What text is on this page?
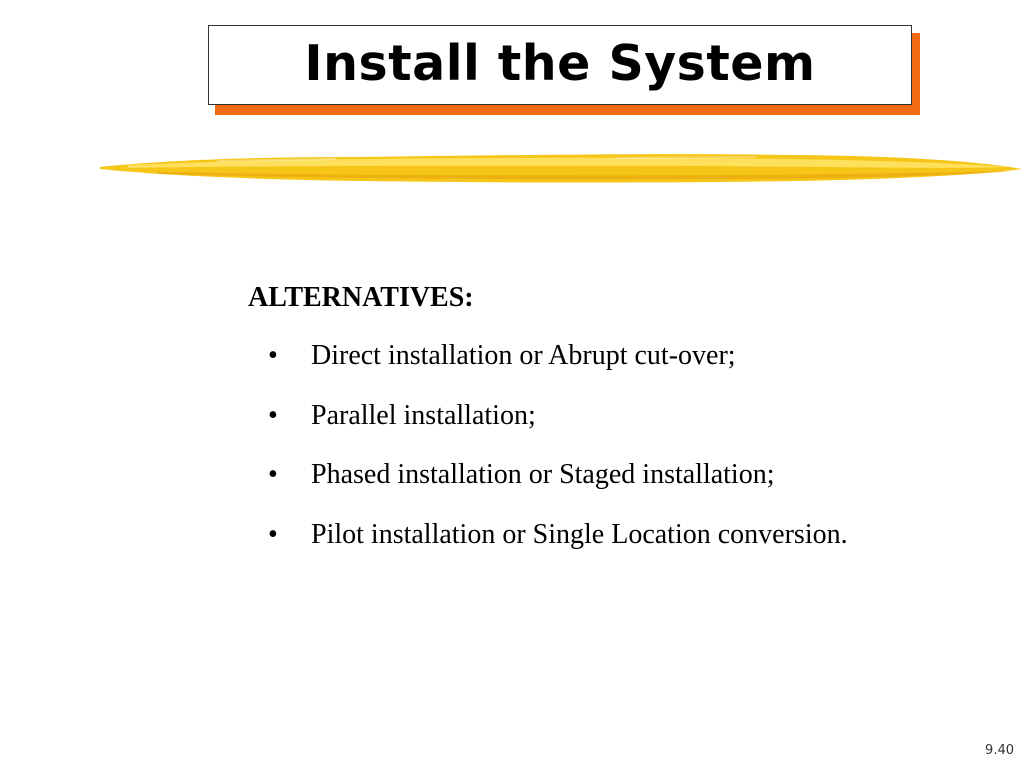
Install the System
ALTERNATIVES:
• Direct installation or Abrupt cut-over;
• Parallel installation;
• Phased installation or Staged installation;
• Pilot installation or Single Location conversion.
9.40
